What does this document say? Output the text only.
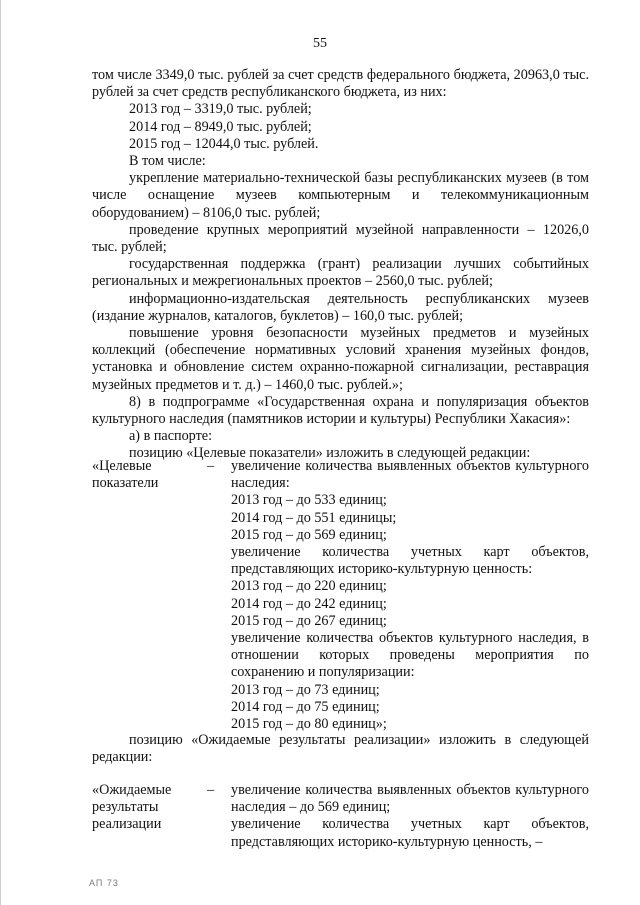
55

том числе 3349,0 тыс. рублей за счет средств федерального бюджета, 20963,0 тыс. рублей за счет средств республиканского бюджета, из них:

2013 год – 3319,0 тыс. рублей;

2014 год – 8949,0 тыс. рублей;

2015 год – 12044,0 тыс. рублей.

В том числе:

укрепление материально-технической базы республиканских музеев (в том числе оснащение музеев компьютерным и телекоммуникационным оборудованием) – 8106,0 тыс. рублей;

проведение крупных мероприятий музейной направленности – 12026,0 тыс. рублей;

государственная поддержка (грант) реализации лучших событийных региональных и межрегиональных проектов – 2560,0 тыс. рублей;

информационно-издательская деятельность республиканских музеев (издание журналов, каталогов, буклетов) – 160,0 тыс. рублей;

повышение уровня безопасности музейных предметов и музейных коллекций (обеспечение нормативных условий хранения музейных фондов, установка и обновление систем охранно-пожарной сигнализации, реставрация музейных предметов и т. д.) – 1460,0 тыс. рублей.»;

8) в подпрограмме «Государственная охрана и популяризация объектов культурного наследия (памятников истории и культуры) Республики Хакасия»:

а) в паспорте:

позицию «Целевые показатели» изложить в следующей редакции:

«Целевые
показатели
–	увеличение количества выявленных объектов культурного наследия:

2013 год – до 533 единиц;

2014 год – до 551 единицы;

2015 год – до 569 единиц;

увеличение количества учетных карт объектов, представляющих историко-культурную ценность:

2013 год – до 220 единиц;

2014 год – до 242 единиц;

2015 год – до 267 единиц;

увеличение количества объектов культурного наследия, в отношении которых проведены мероприятия по сохранению и популяризации:

2013 год – до 73 единиц;

2014 год – до 75 единиц;

2015 год – до 80 единиц»;

позицию «Ожидаемые результаты реализации» изложить в следующей редакции:

«Ожидаемые
результаты
реализации
–	увеличение количества выявленных объектов культурного наследия – до 569 единиц;

увеличение количества учетных карт объектов, представляющих историко-культурную ценность, –

АП 73
